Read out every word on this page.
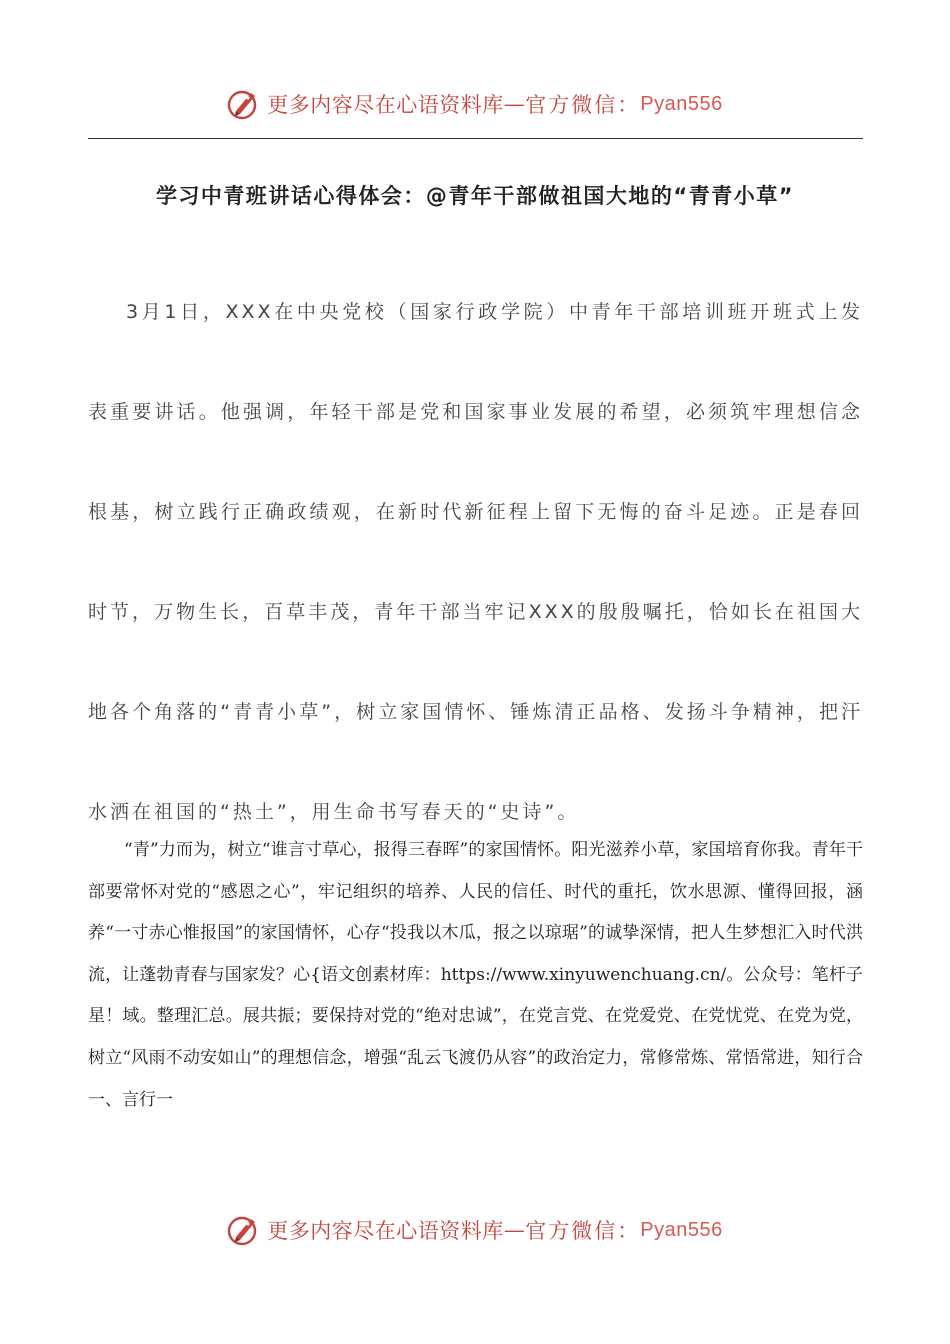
更多内容尽在心语资料库 — 官方微信： Pyan556
学习中青班讲话心得体会：@青年干部做祖国大地的“青青小草”

3月1日，XXX在中央党校（国家行政学院）中青年干部培训班开班式上发表重要讲话。他强调，年轻干部是党和国家事业发展的希望，必须筑牢理想信念根基，树立践行正确政绩观，在新时代新征程上留下无悔的奋斗足迹。正是春回时节，万物生长，百草丰茂，青年干部当牢记XXX的殷殷嘱托，恰如长在祖国大地各个角落的“青青小草”，树立家国情怀、锤炼清正品格、发扬斗争精神，把汗水洒在祖国的“热土”，用生命书写春天的“史诗”。

“青”力而为，树立“谁言寸草心，报得三春晖”的家国情怀。阳光滋养小草，家国培育你我。青年干部要常怀对党的“感恩之心”，牢记组织的培养、人民的信任、时代的重托，饮水思源、懂得回报，涵养“一寸赤心惟报国”的家国情怀，心存“投我以木瓜，报之以琼琚”的诚挚深情，把人生梦想汇入时代洪流，让蓬勃青春与国家发？心{语文创素材库：https://www.xinyuwenchuang.cn/。公众号：笔杆子星！域。整理汇总。展共振；要保持对党的“绝对忠诚”，在党言党、在党爱党、在党忧党、在党为党，树立“风雨不动安如山”的理想信念，增强“乱云飞渡仍从容”的政治定力，常修常炼、常悟常进，知行合一、言行一

更多内容尽在心语资料库 — 官方微信： Pyan556
